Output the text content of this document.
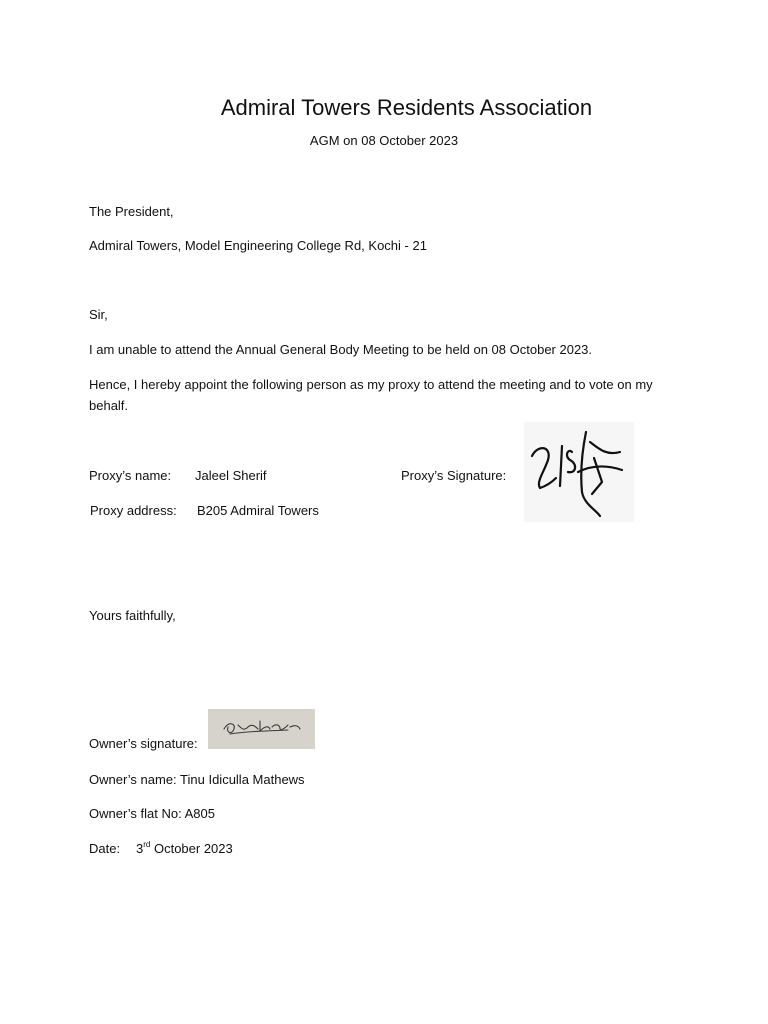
Admiral Towers Residents Association
AGM on 08 October 2023
The President,
Admiral Towers, Model Engineering College Rd, Kochi - 21
Sir,
I am unable to attend the Annual General Body Meeting to be held on 08 October 2023.
Hence, I hereby appoint the following person as my proxy to attend the meeting and to vote on my behalf.
Proxy’s name: Jaleel Sherif	Proxy’s Signature:
Proxy address: B205 Admiral Towers
Yours faithfully,
Owner’s signature:
Owner’s name: Tinu Idiculla Mathews
Owner’s flat No: A805
Date: 3rd October 2023
